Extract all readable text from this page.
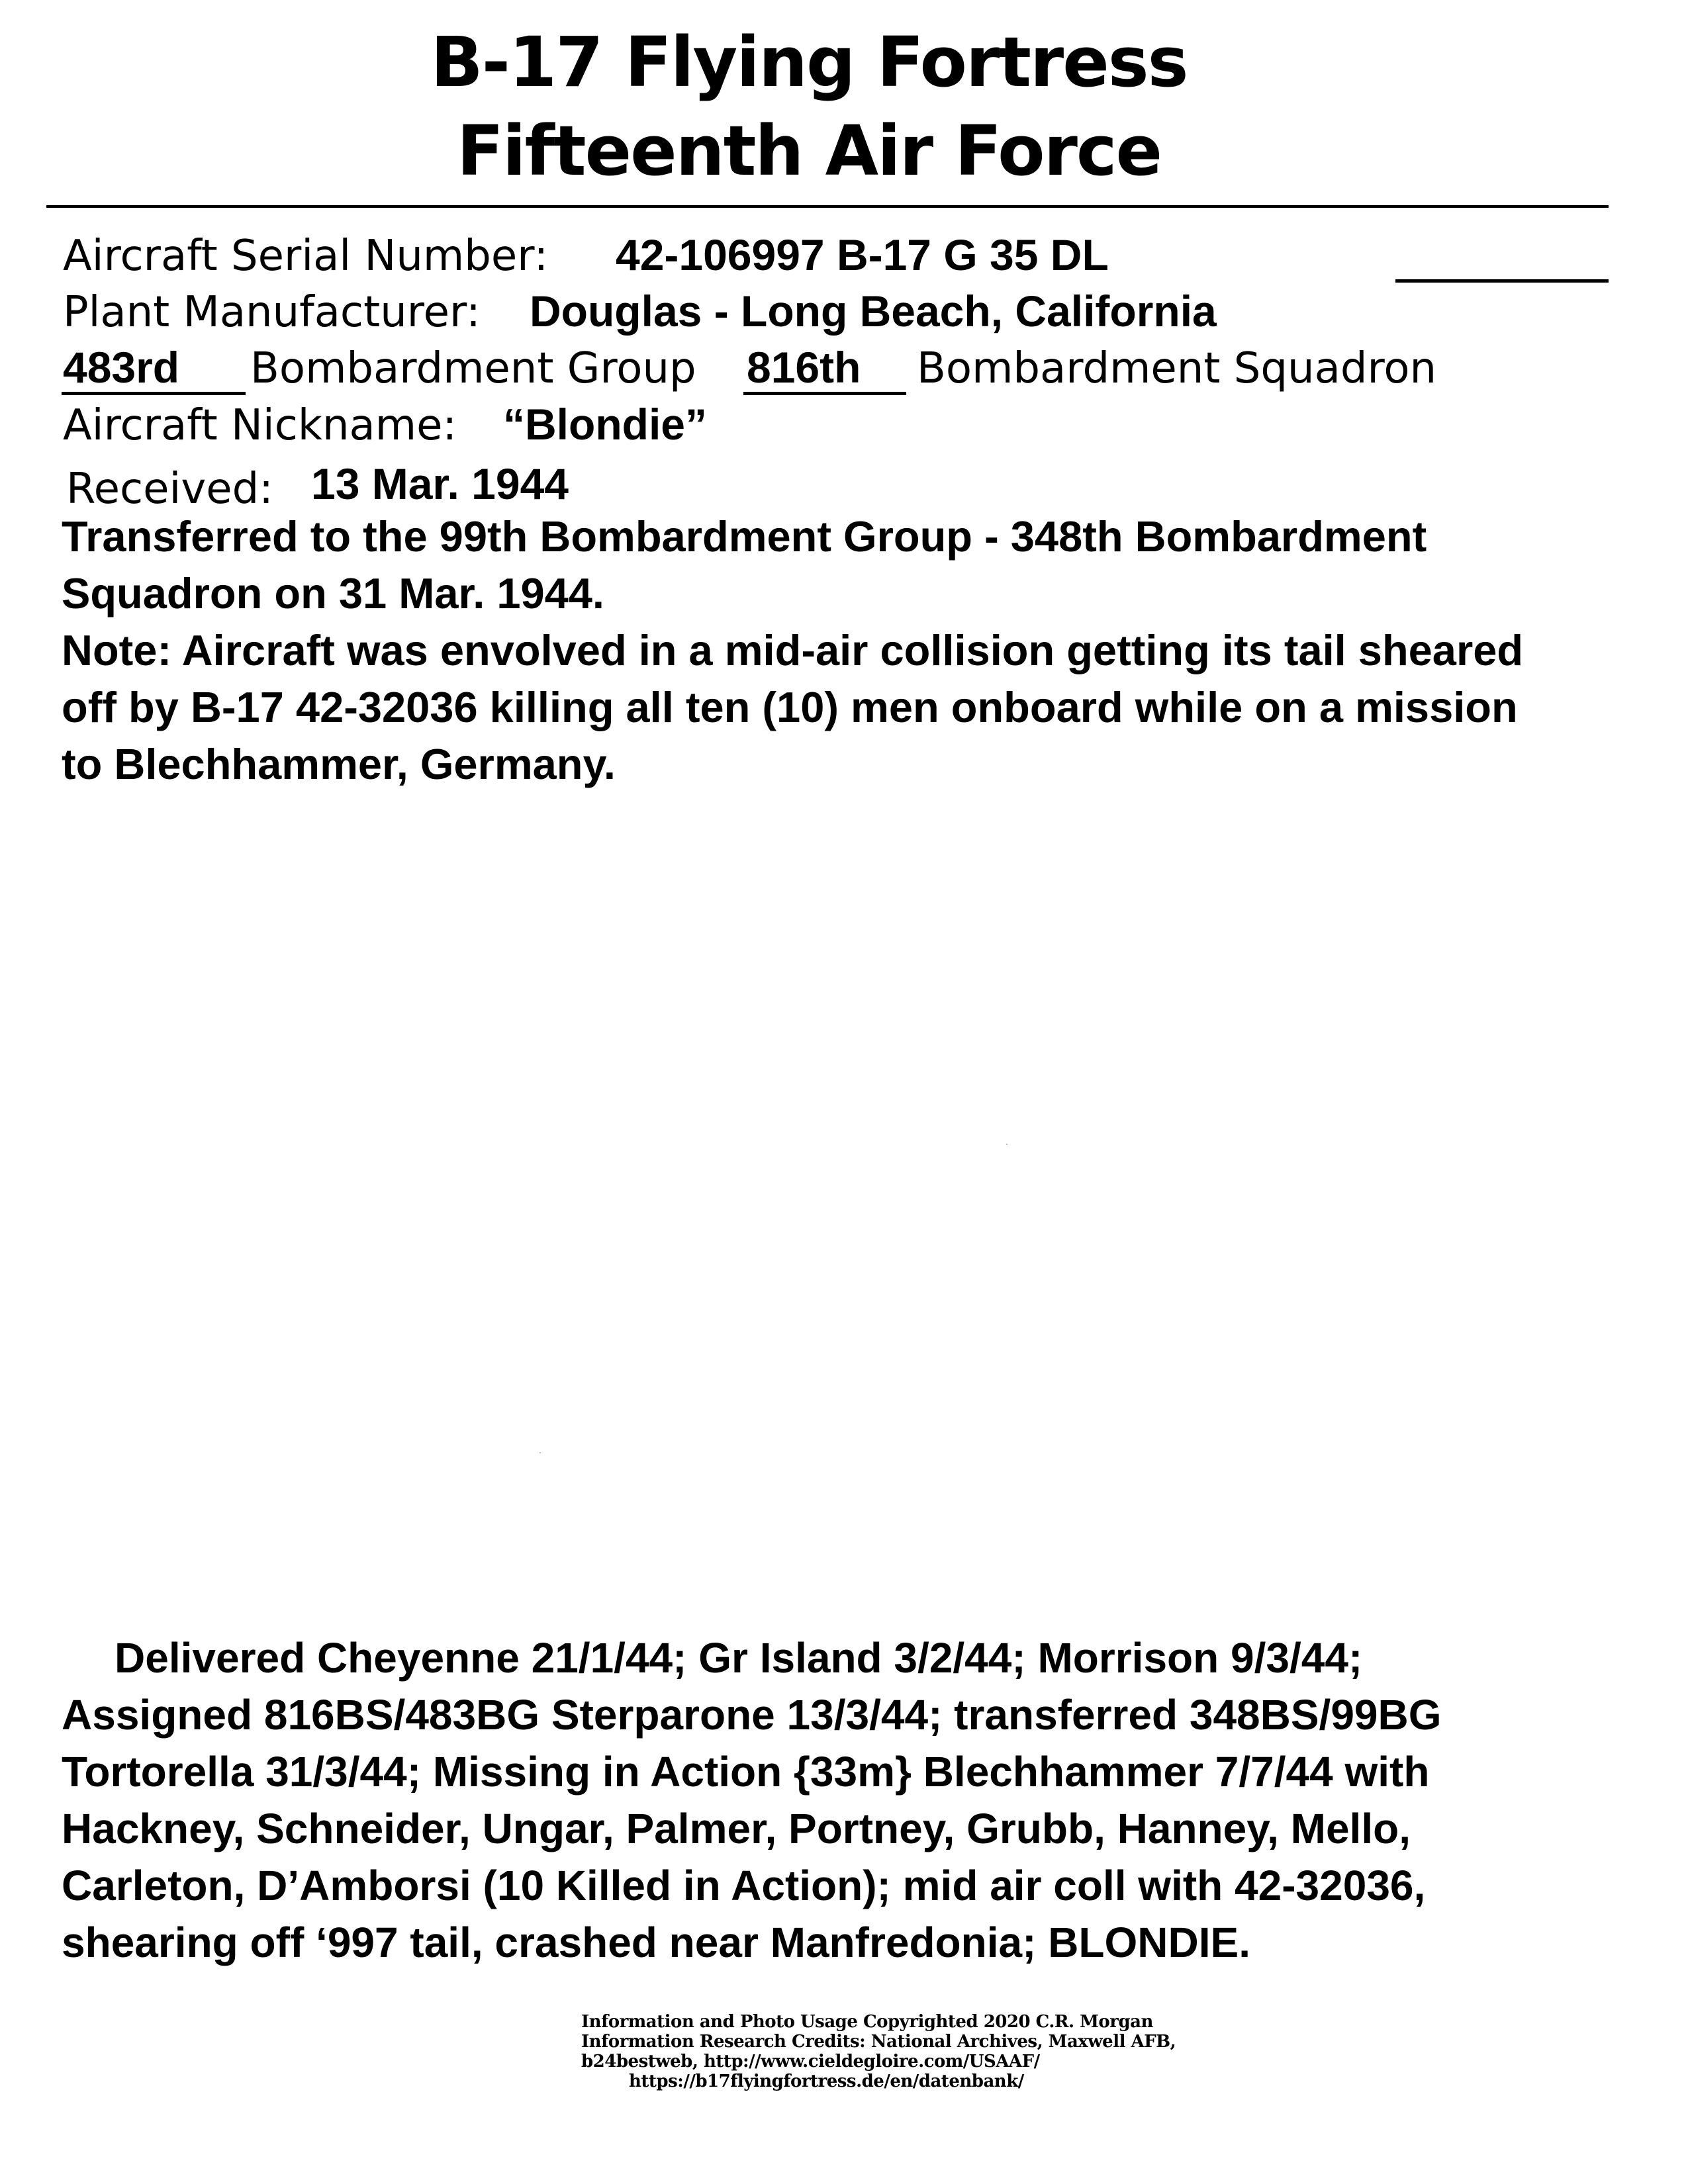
B-17 Flying Fortress
Fifteenth Air Force
Aircraft Serial Number: 42-106997 B-17 G 35 DL
Plant Manufacturer: Douglas - Long Beach, California
483rd Bombardment Group 816th Bombardment Squadron
Aircraft Nickname: “Blondie”
Received: 13 Mar. 1944
Transferred to the 99th Bombardment Group - 348th Bombardment
Squadron on 31 Mar. 1944.
Note: Aircraft was envolved in a mid-air collision getting its tail sheared
off by B-17 42-32036 killing all ten (10) men onboard while on a mission
to Blechhammer, Germany.
Delivered Cheyenne 21/1/44; Gr Island 3/2/44; Morrison 9/3/44;
Assigned 816BS/483BG Sterparone 13/3/44; transferred 348BS/99BG
Tortorella 31/3/44; Missing in Action {33m} Blechhammer 7/7/44 with
Hackney, Schneider, Ungar, Palmer, Portney, Grubb, Hanney, Mello,
Carleton, D’Amborsi (10 Killed in Action); mid air coll with 42-32036,
shearing off ‘997 tail, crashed near Manfredonia; BLONDIE.
Information and Photo Usage Copyrighted 2020 C.R. Morgan
Information Research Credits: National Archives, Maxwell AFB,
b24bestweb, http://www.cieldegloire.com/USAAF/
https://b17flyingfortress.de/en/datenbank/
